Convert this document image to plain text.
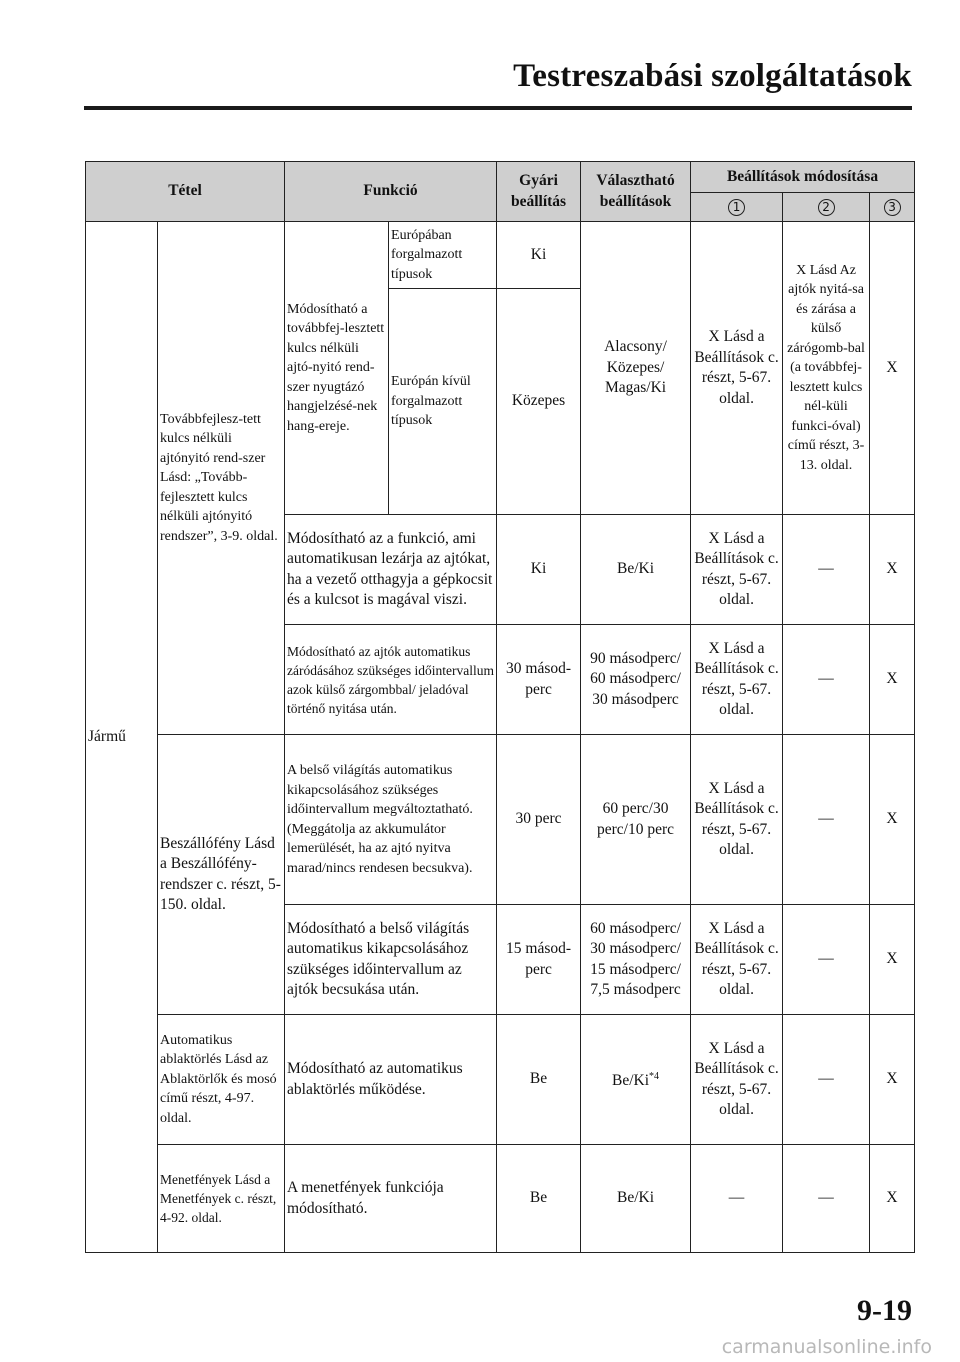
Testreszabási szolgáltatások
Tétel		Funkció		Gyári beállítás	Választható beállítások	Beállítások módosítása		
						1	2	3
Jármű	Továbbfejlesz-tett kulcs nélküli ajtónyitó rend-szer Lásd: „Tovább-fejlesztett kulcs nélküli ajtónyitó rendszer”, 3-9. oldal.	Módosítható a továbbfej-lesztett kulcs nélküli ajtó-nyitó rend-szer nyugtázó hangjelzésé-nek hang-ereje.	Európában forgalmazott típusok	Ki	Alacsony/ Közepes/ Magas/Ki	X Lásd a Beállítások c. részt, 5-67. oldal.	X Lásd Az ajtók nyitá-sa és zárása a külső zárógomb-bal (a továbbfej-lesztett kulcs nél-küli funkci-óval) című részt, 3-13. oldal.	X
			Európán kívül forgalmazott típusok	Közepes				
		Módosítható az a funkció, ami automatikusan lezárja az ajtókat, ha a vezető otthagyja a gépkocsit és a kulcsot is magával viszi.		Ki	Be/Ki	X Lásd a Beállítások c. részt, 5-67. oldal.	—	X
		Módosítható az ajtók automatikus záródásához szükséges időintervallum azok külső zárgombbal/ jeladóval történő nyitása után.		30 másod-perc	90 másodperc/ 60 másodperc/ 30 másodperc	X Lásd a Beállítások c. részt, 5-67. oldal.	—	X
	Beszállófény Lásd a Beszállófény-rendszer c. részt, 5-150. oldal.	A belső világítás automatikus kikapcsolásához szükséges időintervallum megváltoztatható. (Meggátolja az akkumulátor lemerülését, ha az ajtó nyitva marad/nincs rendesen becsukva).		30 perc	60 perc/30 perc/10 perc	X Lásd a Beállítások c. részt, 5-67. oldal.	—	X
		Módosítható a belső világítás automatikus kikapcsolásához szükséges időintervallum az ajtók becsukása után.		15 másod-perc	60 másodperc/ 30 másodperc/ 15 másodperc/ 7,5 másodperc	X Lásd a Beállítások c. részt, 5-67. oldal.	—	X
	Automatikus ablaktörlés Lásd az Ablaktörlők és mosó című részt, 4-97. oldal.	Módosítható az automatikus ablaktörlés működése.		Be	Be/Ki$^{*4}$	X Lásd a Beállítások c. részt, 5-67. oldal.	—	X
	Menetfények Lásd a Menetfények c. részt, 4-92. oldal.	A menetfények funkciója módosítható.		Be	Be/Ki	—	—	X
9-19
carmanualsonline.info
